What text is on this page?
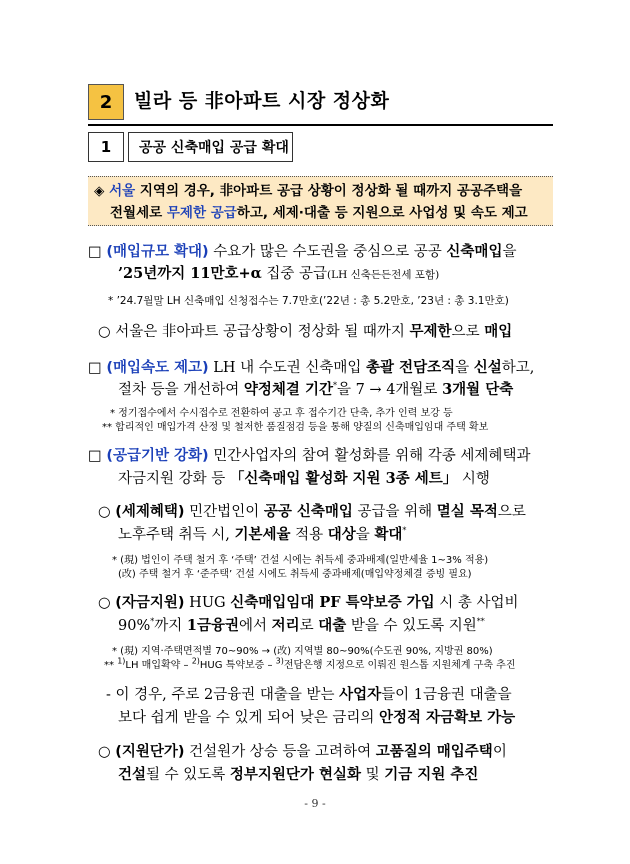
2	빌라 등 非아파트 시장 정상화
1	공공 신축매입 공급 확대
◈ 서울 지역의 경우, 非아파트 공급 상황이 정상화 될 때까지 공공주택을
전월세로 무제한 공급하고, 세제·대출 등 지원으로 사업성 및 속도 제고
□ (매입규모 확대) 수요가 많은 수도권을 중심으로 공공 신축매입을
’25년까지 11만호+α 집중 공급(LH 신축든든전세 포함)
* ’24.7월말 LH 신축매입 신청접수는 7.7만호(’22년 : 총 5.2만호, ’23년 : 총 3.1만호)
○ 서울은 非아파트 공급상황이 정상화 될 때까지 무제한으로 매입
□ (매입속도 제고) LH 내 수도권 신축매입 총괄 전담조직을 신설하고,
절차 등을 개선하여 약정체결 기간*을 7 → 4개월로 3개월 단축
* 정기접수에서 수시접수로 전환하여 공고 후 접수기간 단축, 추가 인력 보강 등
** 합리적인 매입가격 산정 및 철저한 품질점검 등을 통해 양질의 신축매입임대 주택 확보
□ (공급기반 강화) 민간사업자의 참여 활성화를 위해 각종 세제혜택과
자금지원 강화 등 「신축매입 활성화 지원 3종 세트」 시행
○ (세제혜택) 민간법인이 공공 신축매입 공급을 위해 멸실 목적으로
노후주택 취득 시, 기본세율 적용 대상을 확대*
* (現) 법인이 주택 철거 후 ‘주택’ 건설 시에는 취득세 중과배제(일반세율 1~3% 적용)
(改) 주택 철거 후 ‘준주택’ 건설 시에도 취득세 중과배제(매입약정체결 증빙 필요)
○ (자금지원) HUG 신축매입임대 PF 특약보증 가입 시 총 사업비
90%*까지 1금융권에서 저리로 대출 받을 수 있도록 지원**
* (現) 지역·주택면적별 70~90% → (改) 지역별 80~90%(수도권 90%, 지방권 80%)
** $^{1)}$LH 매입확약 – $^{2)}$HUG 특약보증 – $^{3)}$전담은행 지정으로 이뤄진 원스톱 지원체계 구축 추진
- 이 경우, 주로 2금융권 대출을 받는 사업자들이 1금융권 대출을
보다 쉽게 받을 수 있게 되어 낮은 금리의 안정적 자금확보 가능
○ (지원단가) 건설원가 상승 등을 고려하여 고품질의 매입주택이
건설될 수 있도록 정부지원단가 현실화 및 기금 지원 추진
- 9 -
